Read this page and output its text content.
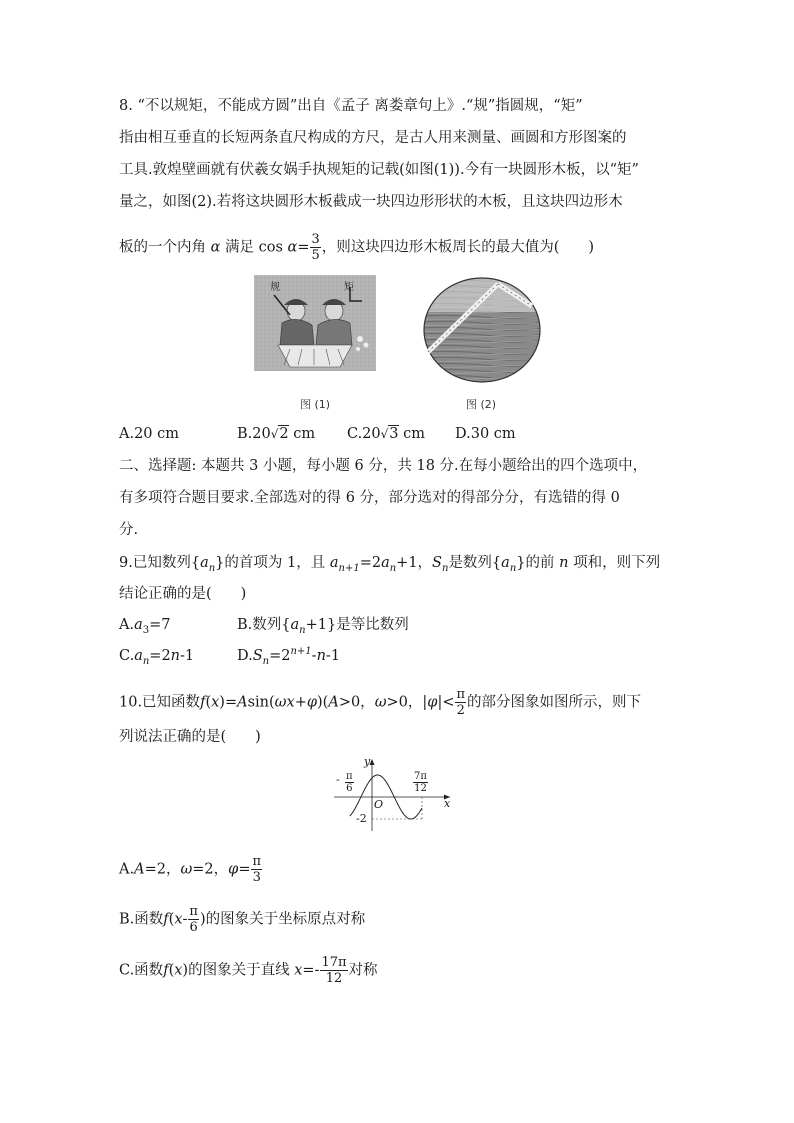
8. “不以规矩，不能成方圆”出自《孟子 离娄章句上》.“规”指圆规，“矩”
指由相互垂直的长短两条直尺构成的方尺，是古人用来测量、画圆和方形图案的
工具.敦煌壁画就有伏羲女娲手执规矩的记载(如图(1)).今有一块圆形木板，以“矩”
量之，如图(2).若将这块圆形木板截成一块四边形形状的木板，且这块四边形木
板的一个内角 α 满足 $\cos \alpha= \frac{3}{5}$ ，则这块四边形木板周长的最大值为(　　)
规	矩
图 (1)	图 (2)
A.20 cm	B.20√2 cm C.20√3 cm D.30 cm
二、选择题: 本题共 3 小题，每小题 6 分，共 18 分.在每小题给出的四个选项中，
有多项符合题目要求.全部选对的得 6 分，部分选对的得部分分，有选错的得 0
分.
9.已知数列$\{a_n\}$的首项为 1，且 $a_{n+1}=2a_n+1$，$S_n$是数列$\{a_n\}$的前 n 项和，则下列
结论正确的是(　　)
$A.a_3=7$	B.数列$\{a_n+1\}$是等比数列
$C.a_n=2n-1$	$D.S_n=2^{n+1}-n-1$
10.已知函数f(x)=Asin(ωx+φ)(A>0，ω>0，$|\varphi|< \frac{\pi}{2}$ 的部分图象如图所示，则下
列说法正确的是(　　)
y
x
O
- $\frac{\pi}{6}$	$\frac{7\pi}{12}$
-2
A.A=2，ω=2，$\varphi= \frac{\pi}{3}$
B.函数$f(x- \frac{\pi}{6}$ )的图象关于坐标原点对称
C.函数f(x)的图象关于直线 $x=- \frac{17\pi}{12}$ 对称
